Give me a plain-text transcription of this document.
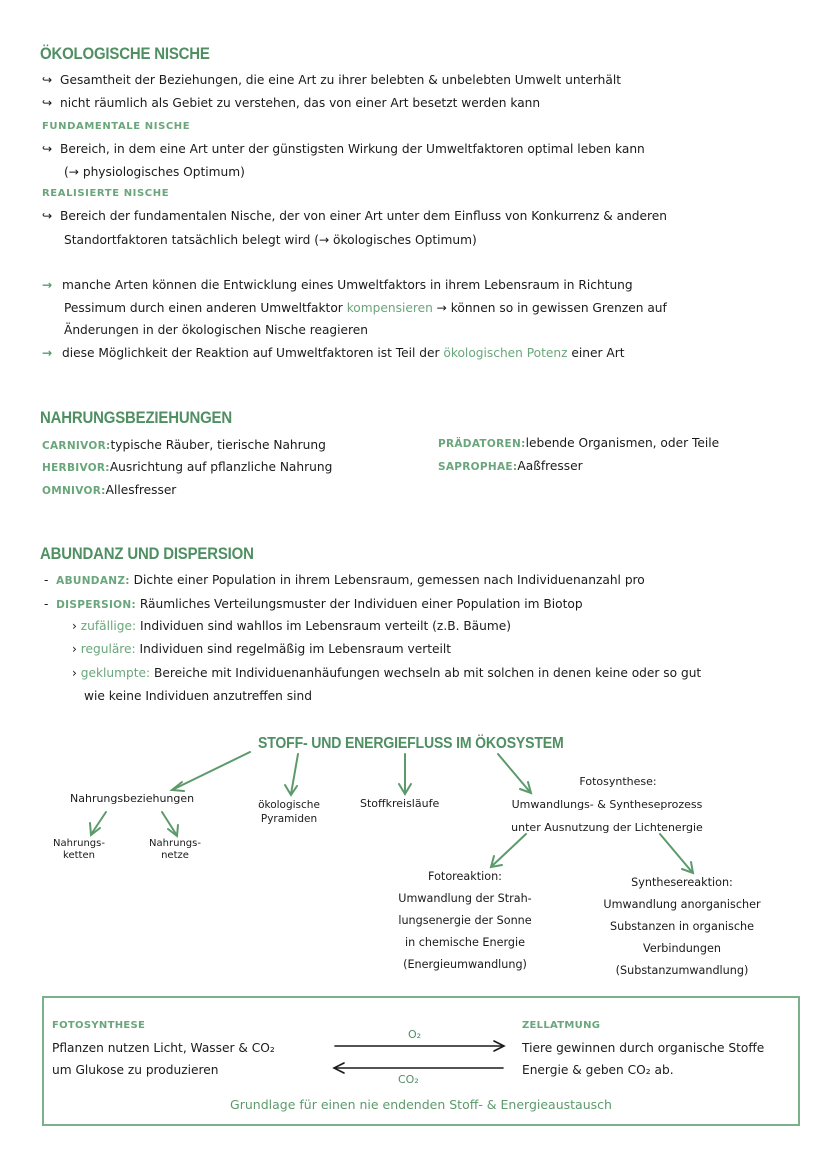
ÖKOLOGISCHE NISCHE
↪ Gesamtheit der Beziehungen, die eine Art zu ihrer belebten & unbelebten Umwelt unterhält
↪ nicht räumlich als Gebiet zu verstehen, das von einer Art besetzt werden kann
FUNDAMENTALE NISCHE
↪ Bereich, in dem eine Art unter der günstigsten Wirkung der Umweltfaktoren optimal leben kann
(→ physiologisches Optimum)
REALISIERTE NISCHE
↪ Bereich der fundamentalen Nische, der von einer Art unter dem Einfluss von Konkurrenz & anderen
Standortfaktoren tatsächlich belegt wird (→ ökologisches Optimum)
→ manche Arten können die Entwicklung eines Umweltfaktors in ihrem Lebensraum in Richtung
Pessimum durch einen anderen Umweltfaktor kompensieren → können so in gewissen Grenzen auf
Änderungen in der ökologischen Nische reagieren
→ diese Möglichkeit der Reaktion auf Umweltfaktoren ist Teil der ökologischen Potenz einer Art
NAHRUNGSBEZIEHUNGEN
CARNIVOR:typische Räuber, tierische Nahrung
HERBIVOR:Ausrichtung auf pflanzliche Nahrung
OMNIVOR:Allesfresser
PRÄDATOREN:lebende Organismen, oder Teile
SAPROPHAE:Aaßfresser
ABUNDANZ UND DISPERSION
-  ABUNDANZ: Dichte einer Population in ihrem Lebensraum, gemessen nach Individuenanzahl pro
-  DISPERSION: Räumliches Verteilungsmuster der Individuen einer Population im Biotop
› zufällige: Individuen sind wahllos im Lebensraum verteilt (z.B. Bäume)
› reguläre: Individuen sind regelmäßig im Lebensraum verteilt
› geklumpte: Bereiche mit Individuenanhäufungen wechseln ab mit solchen in denen keine oder so gut
wie keine Individuen anzutreffen sind
STOFF- UND ENERGIEFLUSS IM ÖKOSYSTEM
Nahrungsbeziehungen
Nahrungs-
ketten
Nahrungs-
netze
ökologische
Pyramiden
Stoffkreisläufe
Fotosynthese:
Umwandlungs- & Syntheseprozess
unter Ausnutzung der Lichtenergie
Fotoreaktion:
Umwandlung der Strah-
lungsenergie der Sonne
in chemische Energie
(Energieumwandlung)
Synthesereaktion:
Umwandlung anorganischer
Substanzen in organische
Verbindungen
(Substanzumwandlung)
FOTOSYNTHESE
Pflanzen nutzen Licht, Wasser & CO₂
um Glukose zu produzieren
O₂
CO₂
ZELLATMUNG
Tiere gewinnen durch organische Stoffe
Energie & geben CO₂ ab.
Grundlage für einen nie endenden Stoff- & Energieaustausch
